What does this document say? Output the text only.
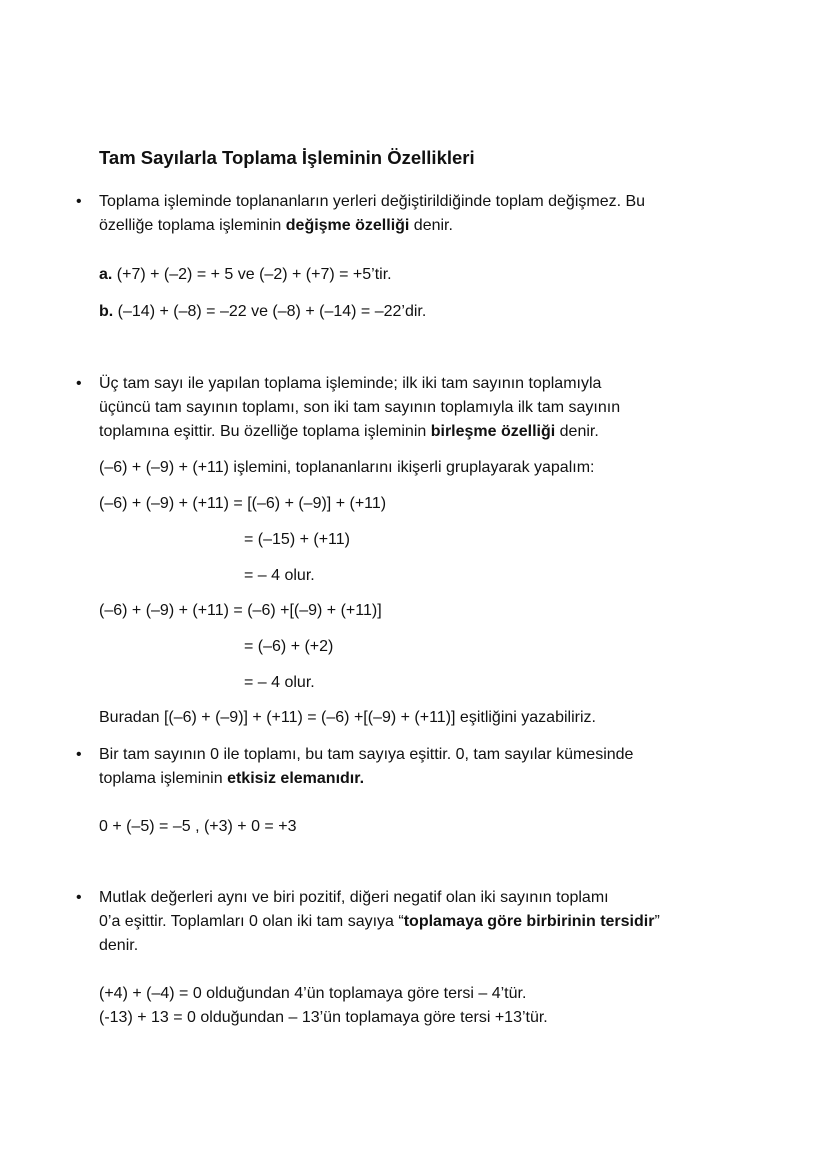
Tam Sayılarla Toplama İşleminin Özellikleri
• Toplama işleminde toplananların yerleri değiştirildiğinde toplam değişmez. Bu
özelliğe toplama işleminin değişme özelliği denir.
a. (+7) + (–2) = + 5 ve (–2) + (+7) = +5’tir.
b. (–14) + (–8) = –22 ve (–8) + (–14) = –22’dir.
• Üç tam sayı ile yapılan toplama işleminde; ilk iki tam sayının toplamıyla
üçüncü tam sayının toplamı, son iki tam sayının toplamıyla ilk tam sayının
toplamına eşittir. Bu özelliğe toplama işleminin birleşme özelliği denir.
(–6) + (–9) + (+11) işlemini, toplananlarını ikişerli gruplayarak yapalım:
(–6) + (–9) + (+11) = [(–6) + (–9)] + (+11)
= (–15) + (+11)
= – 4 olur.
(–6) + (–9) + (+11) = (–6) +[(–9) + (+11)]
= (–6) + (+2)
= – 4 olur.
Buradan [(–6) + (–9)] + (+11) = (–6) +[(–9) + (+11)] eşitliğini yazabiliriz.
• Bir tam sayının 0 ile toplamı, bu tam sayıya eşittir. 0, tam sayılar kümesinde
toplama işleminin etkisiz elemanıdır.
0 + (–5) = –5 , (+3) + 0 = +3
• Mutlak değerleri aynı ve biri pozitif, diğeri negatif olan iki sayının toplamı
0’a eşittir. Toplamları 0 olan iki tam sayıya “toplamaya göre birbirinin tersidir”
denir.
(+4) + (–4) = 0 olduğundan 4’ün toplamaya göre tersi – 4’tür.
(-13) + 13 = 0 olduğundan – 13’ün toplamaya göre tersi +13’tür.
